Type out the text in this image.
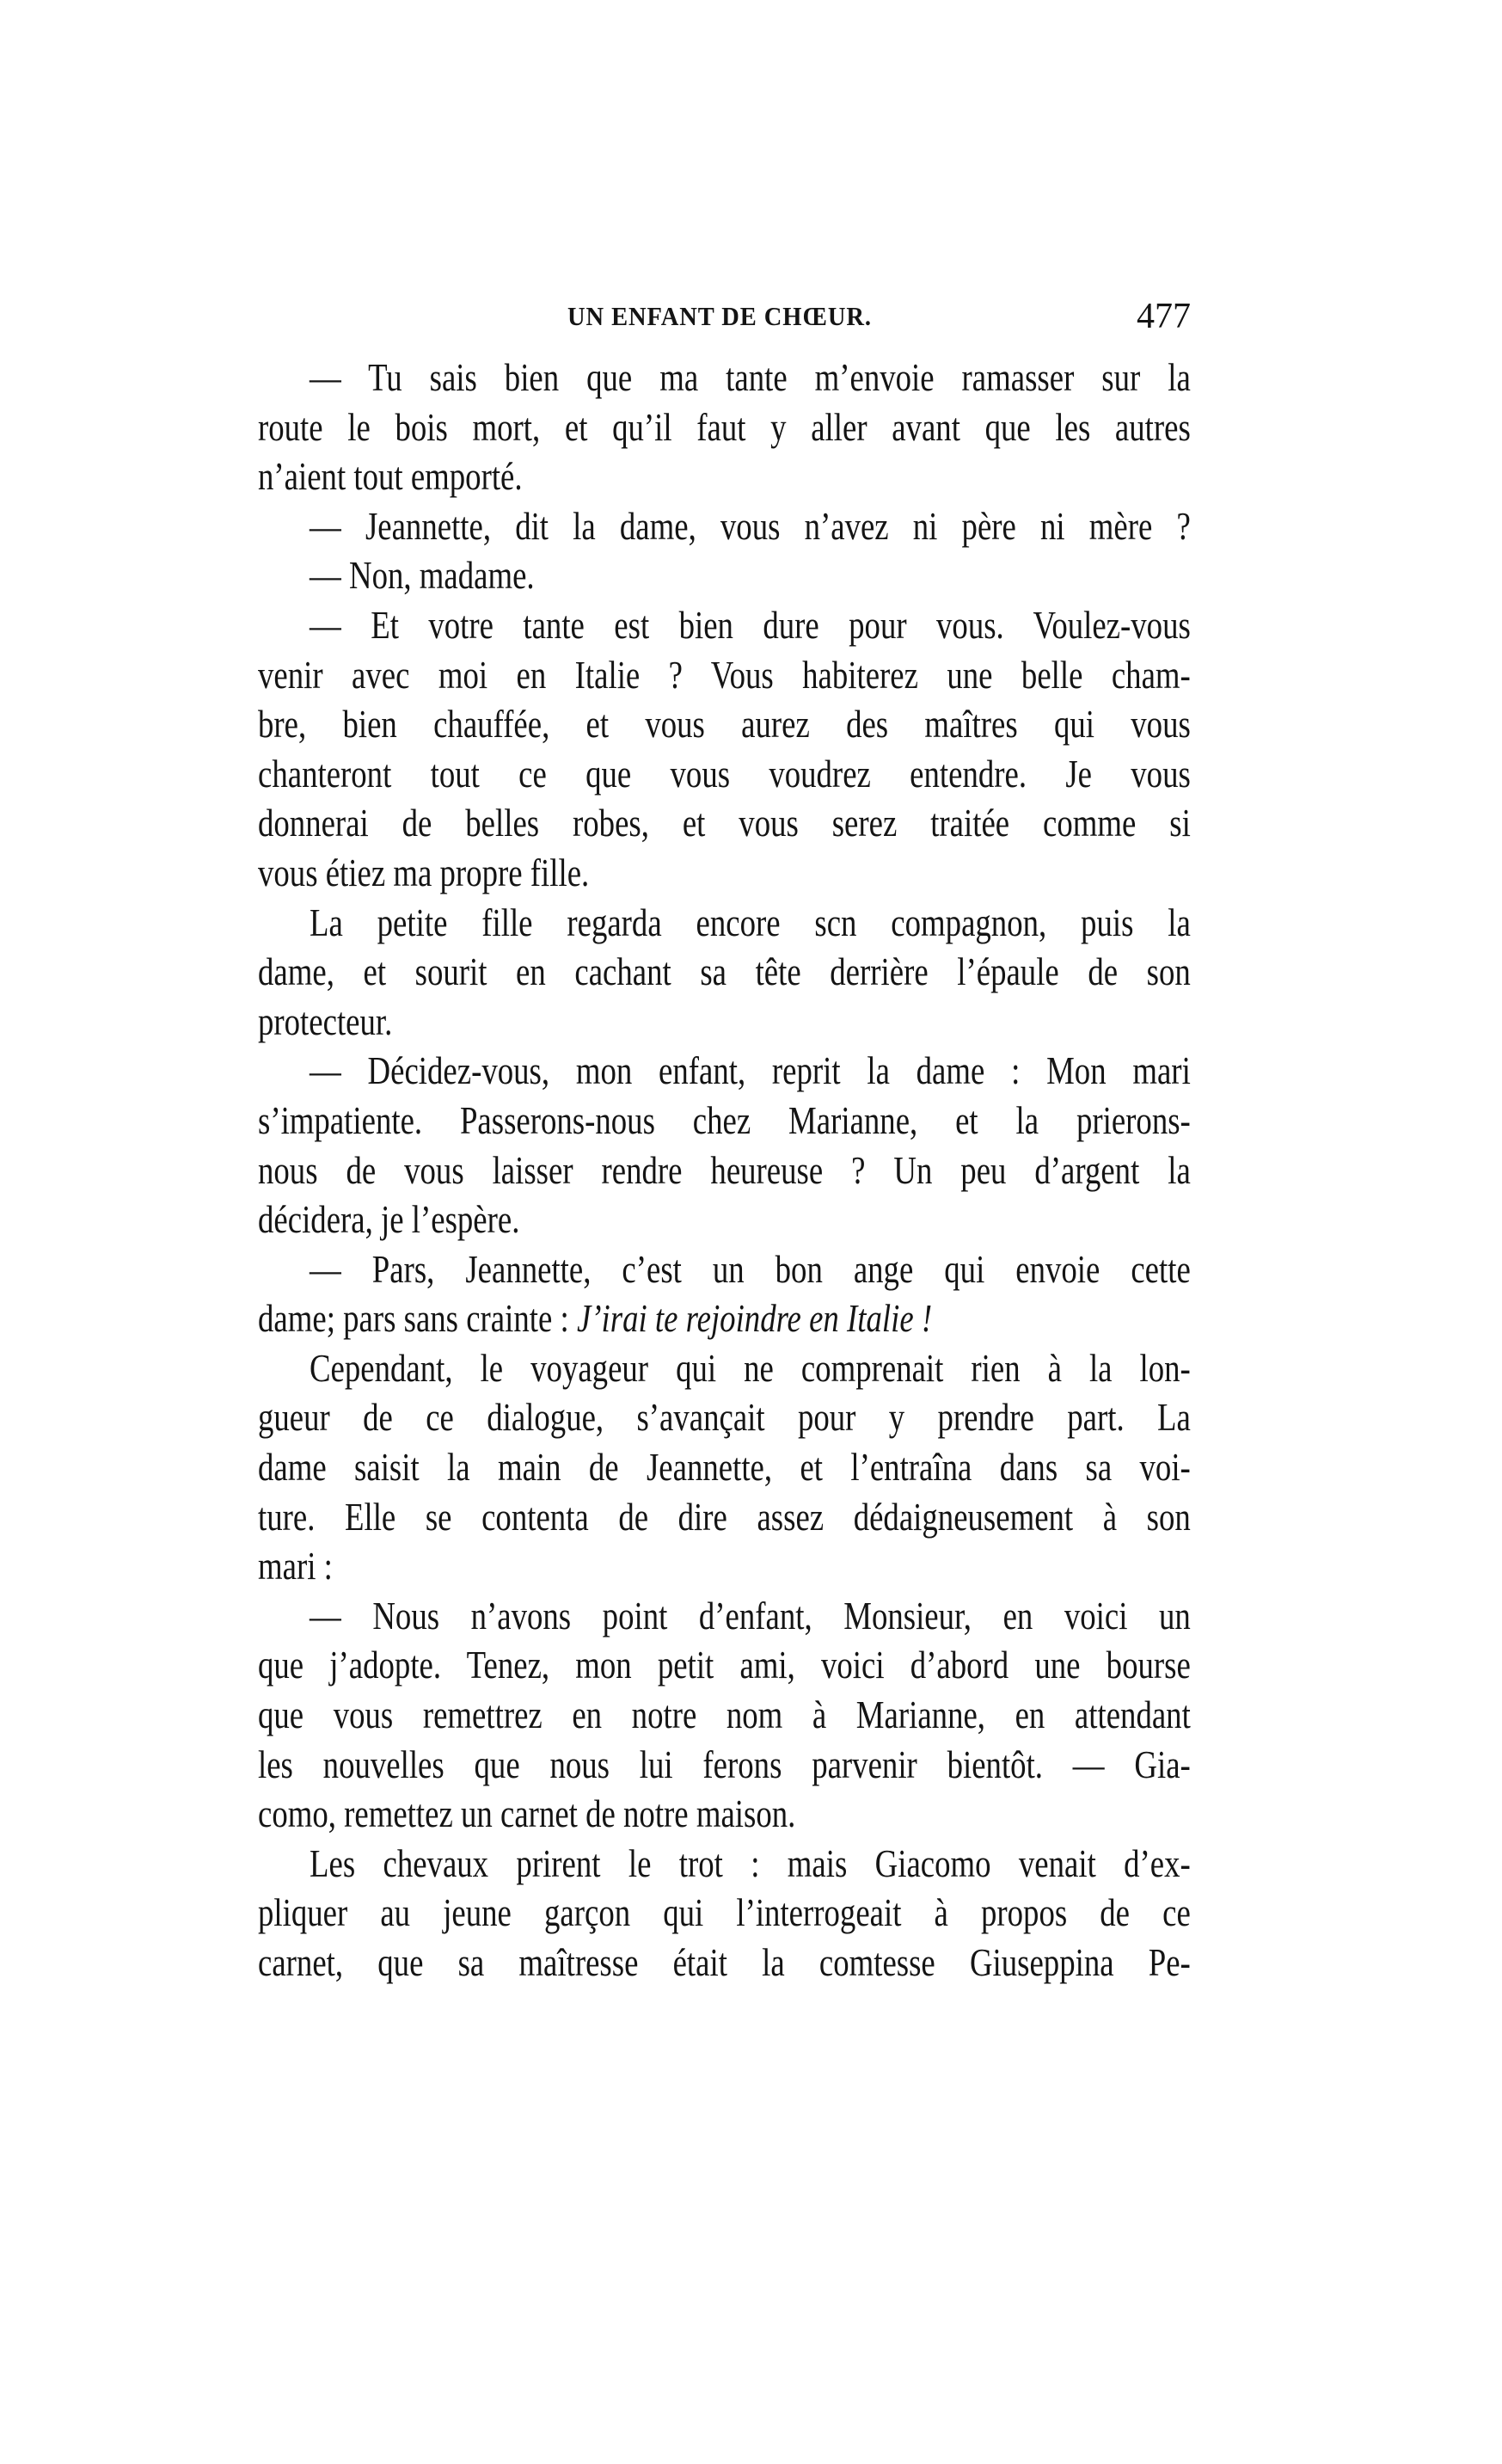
UN ENFANT DE CHŒUR.	477
— Tu sais bien que ma tante m’envoie ramasser sur la
route le bois mort, et qu’il faut y aller avant que les autres
n’aient tout emporté.
— Jeannette, dit la dame, vous n’avez ni père ni mère ?
— Non, madame.
— Et votre tante est bien dure pour vous. Voulez-vous
venir avec moi en Italie ? Vous habiterez une belle cham-
bre, bien chauffée, et vous aurez des maîtres qui vous
chanteront tout ce que vous voudrez entendre. Je vous
donnerai de belles robes, et vous serez traitée comme si
vous étiez ma propre fille.
La petite fille regarda encore scn compagnon, puis la
dame, et sourit en cachant sa tête derrière l’épaule de son
protecteur.
— Décidez-vous, mon enfant, reprit la dame : Mon mari
s’impatiente. Passerons-nous chez Marianne, et la prierons-
nous de vous laisser rendre heureuse ? Un peu d’argent la
décidera, je l’espère.
— Pars, Jeannette, c’est un bon ange qui envoie cette
dame; pars sans crainte : J’irai te rejoindre en Italie !
Cependant, le voyageur qui ne comprenait rien à la lon-
gueur de ce dialogue, s’avançait pour y prendre part. La
dame saisit la main de Jeannette, et l’entraîna dans sa voi-
ture. Elle se contenta de dire assez dédaigneusement à son
mari :
— Nous n’avons point d’enfant, Monsieur, en voici un
que j’adopte. Tenez, mon petit ami, voici d’abord une bourse
que vous remettrez en notre nom à Marianne, en attendant
les nouvelles que nous lui ferons parvenir bientôt. — Gia-
como, remettez un carnet de notre maison.
Les chevaux prirent le trot : mais Giacomo venait d’ex-
pliquer au jeune garçon qui l’interrogeait à propos de ce
carnet, que sa maîtresse était la comtesse Giuseppina Pe-
